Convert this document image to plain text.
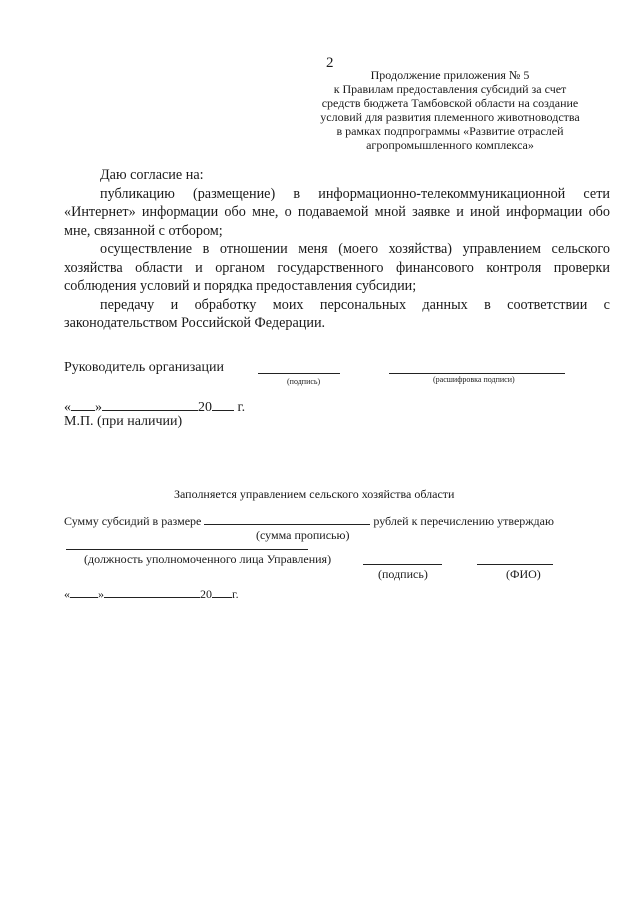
2
Продолжение приложения № 5
к Правилам предоставления субсидий за счет
средств бюджета Тамбовской области на создание
условий для развития племенного животноводства
в рамках подпрограммы «Развитие отраслей
агропромышленного комплекса»
Даю согласие на:
публикацию (размещение) в информационно-телекоммуникационной сети «Интернет» информации обо мне, о подаваемой мной заявке и иной информации обо мне, связанной с отбором;
осуществление в отношении меня (моего хозяйства) управлением сельского хозяйства области и органом государственного финансового контроля проверки соблюдения условий и порядка предоставления субсидии;
передачу и обработку моих персональных данных в соответствии с законодательством Российской Федерации.
Руководитель организации
(подпись)	(расшифровка подписи)
« »	20 г.
М.П. (при наличии)
Заполняется управлением сельского хозяйства области
Сумму субсидий в размере	рублей к перечислению утверждаю
(сумма прописью)
(должность уполномоченного лица Управления)
(подпись)	(ФИО)
« »	20 г.
